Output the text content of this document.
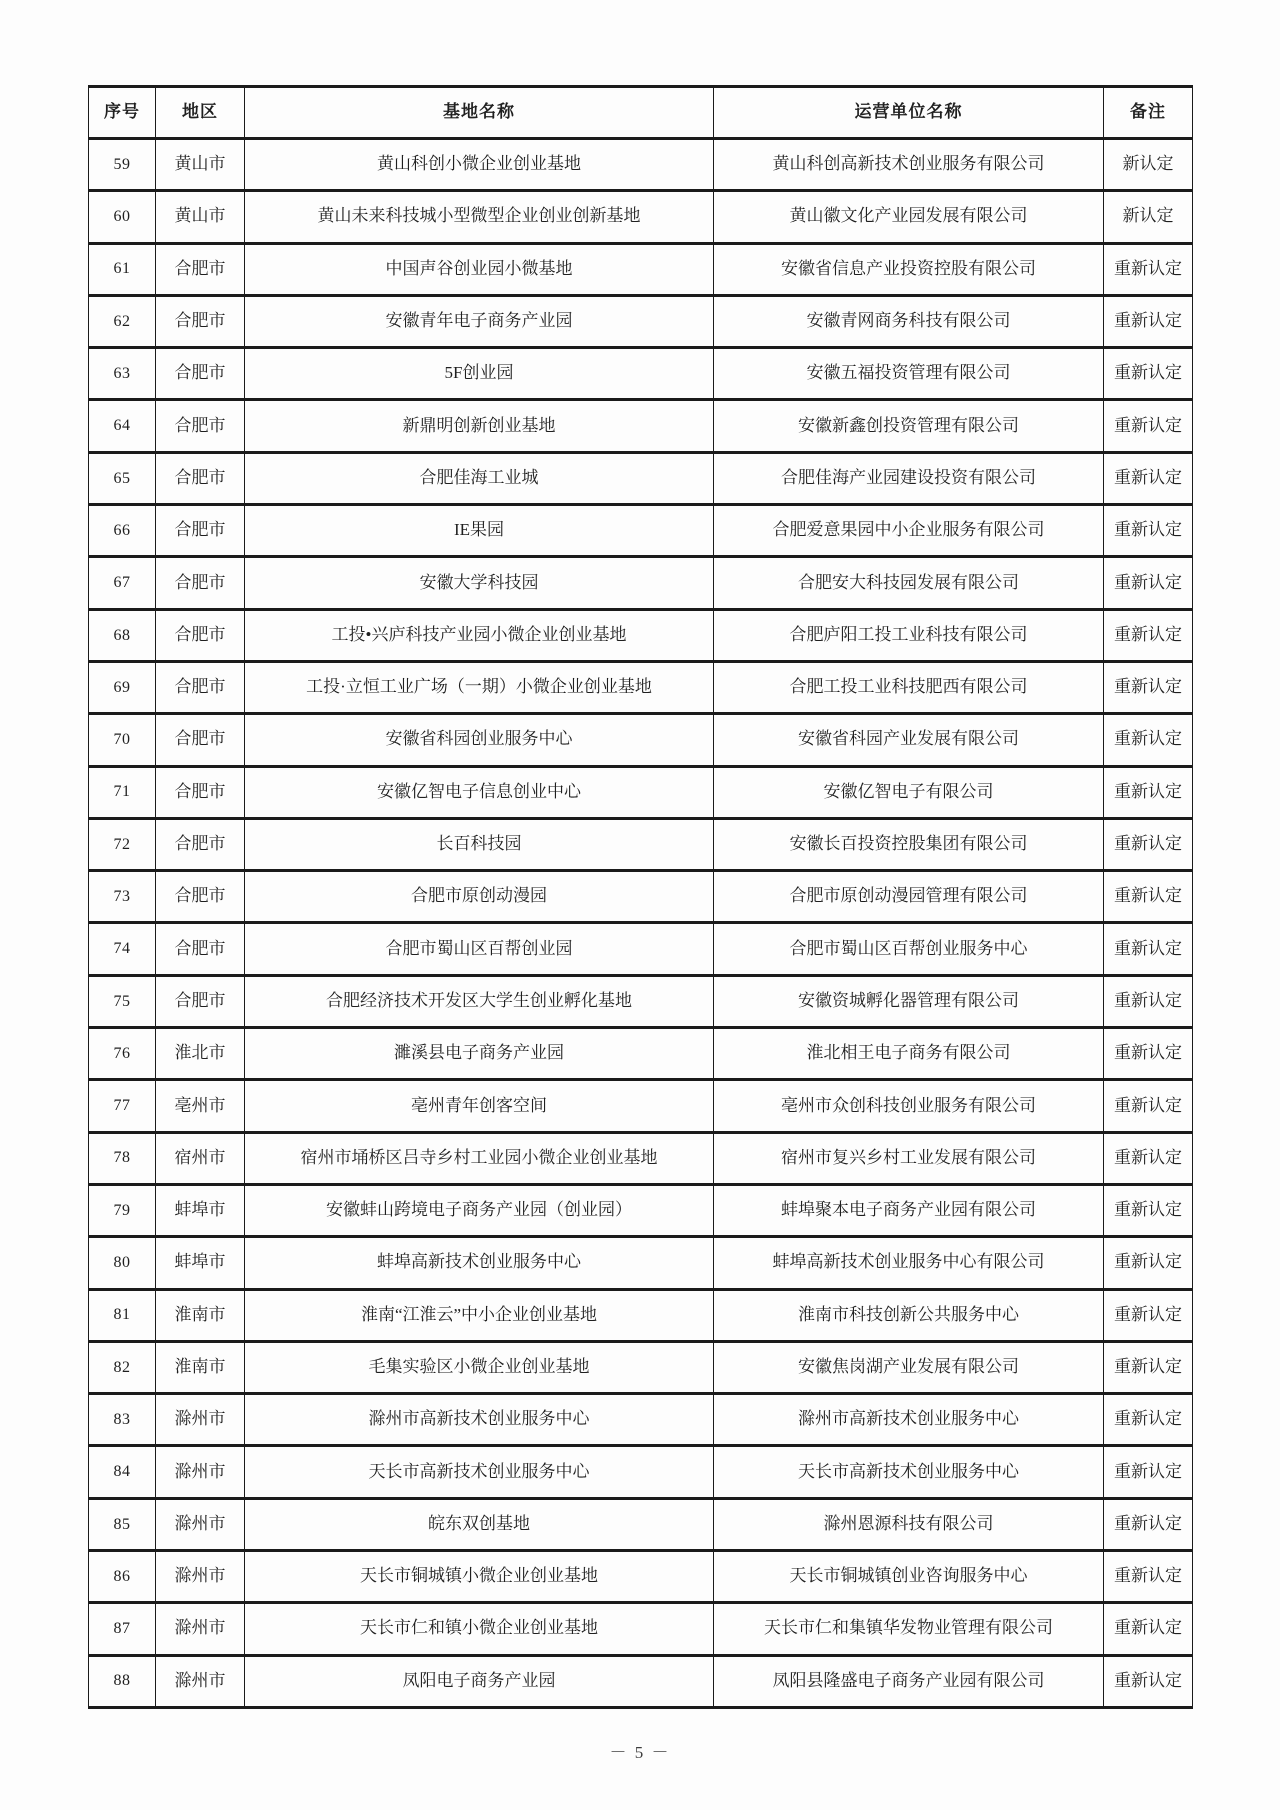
序号	地区	基地名称	运营单位名称	备注
59	黄山市	黄山科创小微企业创业基地	黄山科创高新技术创业服务有限公司	新认定
60	黄山市	黄山未来科技城小型微型企业创业创新基地	黄山徽文化产业园发展有限公司	新认定
61	合肥市	中国声谷创业园小微基地	安徽省信息产业投资控股有限公司	重新认定
62	合肥市	安徽青年电子商务产业园	安徽青网商务科技有限公司	重新认定
63	合肥市	5F创业园	安徽五福投资管理有限公司	重新认定
64	合肥市	新鼎明创新创业基地	安徽新鑫创投资管理有限公司	重新认定
65	合肥市	合肥佳海工业城	合肥佳海产业园建设投资有限公司	重新认定
66	合肥市	IE果园	合肥爱意果园中小企业服务有限公司	重新认定
67	合肥市	安徽大学科技园	合肥安大科技园发展有限公司	重新认定
68	合肥市	工投•兴庐科技产业园小微企业创业基地	合肥庐阳工投工业科技有限公司	重新认定
69	合肥市	工投·立恒工业广场（一期）小微企业创业基地	合肥工投工业科技肥西有限公司	重新认定
70	合肥市	安徽省科园创业服务中心	安徽省科园产业发展有限公司	重新认定
71	合肥市	安徽亿智电子信息创业中心	安徽亿智电子有限公司	重新认定
72	合肥市	长百科技园	安徽长百投资控股集团有限公司	重新认定
73	合肥市	合肥市原创动漫园	合肥市原创动漫园管理有限公司	重新认定
74	合肥市	合肥市蜀山区百帮创业园	合肥市蜀山区百帮创业服务中心	重新认定
75	合肥市	合肥经济技术开发区大学生创业孵化基地	安徽资城孵化器管理有限公司	重新认定
76	淮北市	濉溪县电子商务产业园	淮北相王电子商务有限公司	重新认定
77	亳州市	亳州青年创客空间	亳州市众创科技创业服务有限公司	重新认定
78	宿州市	宿州市埇桥区吕寺乡村工业园小微企业创业基地	宿州市复兴乡村工业发展有限公司	重新认定
79	蚌埠市	安徽蚌山跨境电子商务产业园（创业园）	蚌埠聚本电子商务产业园有限公司	重新认定
80	蚌埠市	蚌埠高新技术创业服务中心	蚌埠高新技术创业服务中心有限公司	重新认定
81	淮南市	淮南“江淮云”中小企业创业基地	淮南市科技创新公共服务中心	重新认定
82	淮南市	毛集实验区小微企业创业基地	安徽焦岗湖产业发展有限公司	重新认定
83	滁州市	滁州市高新技术创业服务中心	滁州市高新技术创业服务中心	重新认定
84	滁州市	天长市高新技术创业服务中心	天长市高新技术创业服务中心	重新认定
85	滁州市	皖东双创基地	滁州恩源科技有限公司	重新认定
86	滁州市	天长市铜城镇小微企业创业基地	天长市铜城镇创业咨询服务中心	重新认定
87	滁州市	天长市仁和镇小微企业创业基地	天长市仁和集镇华发物业管理有限公司	重新认定
88	滁州市	凤阳电子商务产业园	凤阳县隆盛电子商务产业园有限公司	重新认定
－ 5 －
